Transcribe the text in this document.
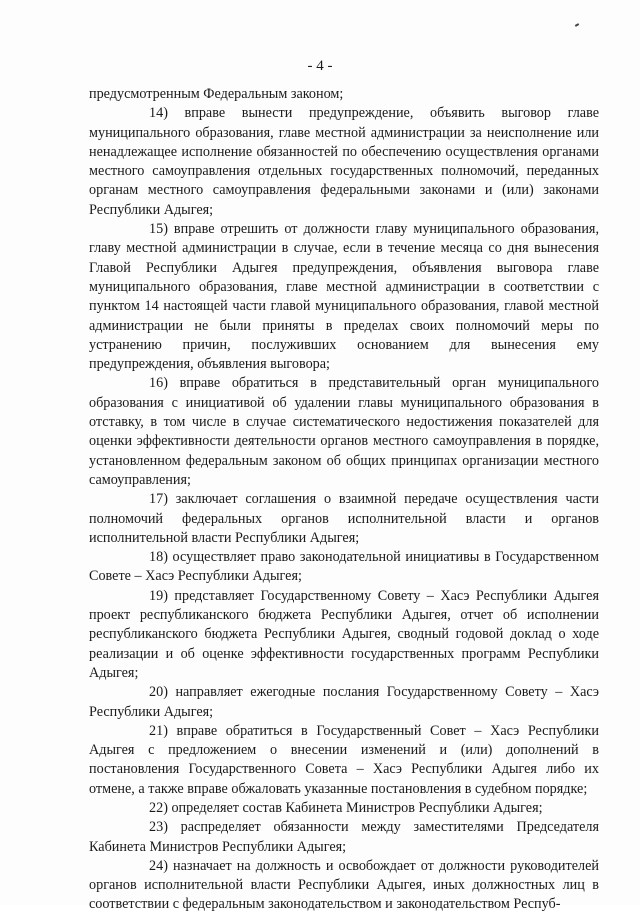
- 4 -

предусмотренным Федеральным законом;

14) вправе вынести предупреждение, объявить выговор главе муниципального образования, главе местной администрации за неисполнение или ненадлежащее исполнение обязанностей по обеспечению осуществления органами местного самоуправления отдельных государственных полномочий, переданных органам местного самоуправления федеральными законами и (или) законами Республики Адыгея;

15) вправе отрешить от должности главу муниципального образования, главу местной администрации в случае, если в течение месяца со дня вынесения Главой Республики Адыгея предупреждения, объявления выговора главе муниципального образования, главе местной администрации в соответствии с пунктом 14 настоящей части главой муниципального образования, главой местной администрации не были приняты в пределах своих полномочий меры по устранению причин, послуживших основанием для вынесения ему предупреждения, объявления выговора;

16) вправе обратиться в представительный орган муниципального образования с инициативой об удалении главы муниципального образования в отставку, в том числе в случае систематического недостижения показателей для оценки эффективности деятельности органов местного самоуправления в порядке, установленном федеральным законом об общих принципах организации местного самоуправления;

17) заключает соглашения о взаимной передаче осуществления части полномочий федеральных органов исполнительной власти и органов исполнительной власти Республики Адыгея;

18) осуществляет право законодательной инициативы в Государственном Совете – Хасэ Республики Адыгея;

19) представляет Государственному Совету – Хасэ Республики Адыгея проект республиканского бюджета Республики Адыгея, отчет об исполнении республиканского бюджета Республики Адыгея, сводный годовой доклад о ходе реализации и об оценке эффективности государственных программ Республики Адыгея;

20) направляет ежегодные послания Государственному Совету – Хасэ Республики Адыгея;

21) вправе обратиться в Государственный Совет – Хасэ Республики Адыгея с предложением о внесении изменений и (или) дополнений в постановления Государственного Совета – Хасэ Республики Адыгея либо их отмене, а также вправе обжаловать указанные постановления в судебном порядке;

22) определяет состав Кабинета Министров Республики Адыгея;

23) распределяет обязанности между заместителями Председателя Кабинета Министров Республики Адыгея;

24) назначает на должность и освобождает от должности руководителей органов исполнительной власти Республики Адыгея, иных должностных лиц в соответствии с федеральным законодательством и законодательством Респуб-
